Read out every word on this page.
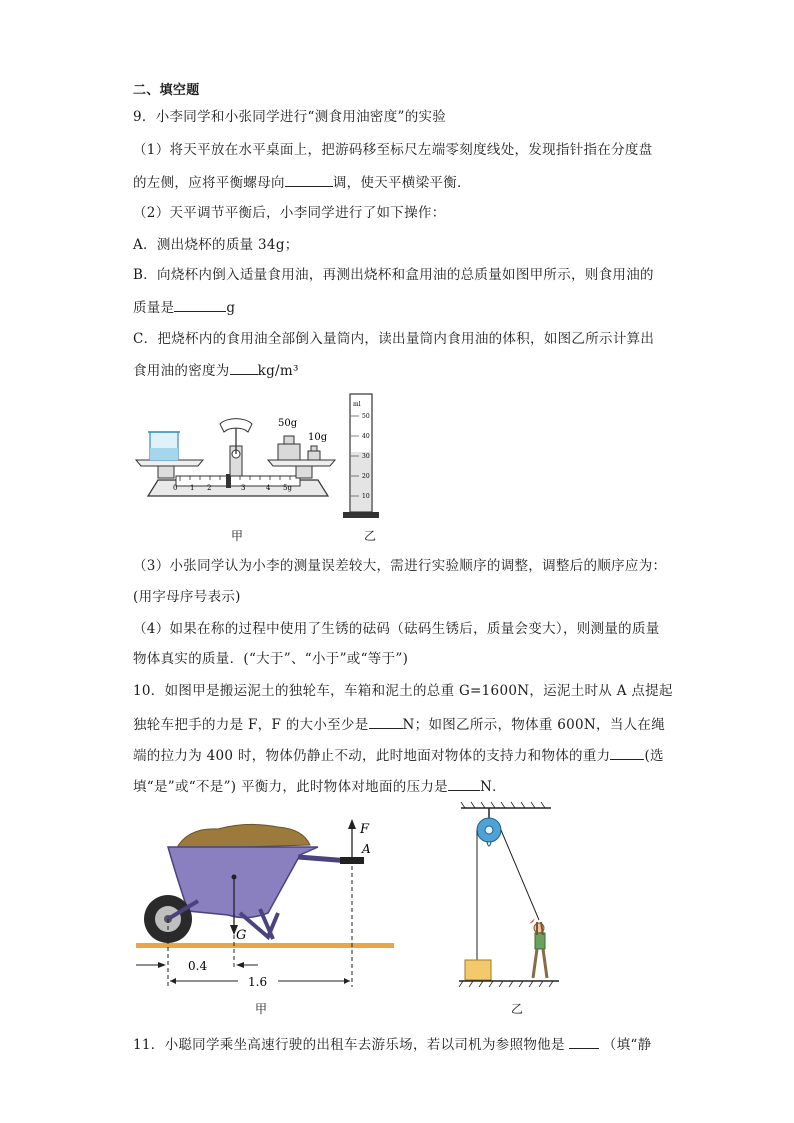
二、填空题
9．小李同学和小张同学进行“测食用油密度”的实验
（1）将天平放在水平桌面上，把游码移至标尺左端零刻度线处，发现指针指在分度盘
的左侧，应将平衡螺母向	调，使天平横梁平衡．
（2）天平调节平衡后，小李同学进行了如下操作：
A．测出烧杯的质量 34g；
B．向烧杯内倒入适量食用油，再测出烧杯和盒用油的总质量如图甲所示，则食用油的
质量是	g
C．把烧杯内的食用油全部倒入量筒内，读出量筒内食用油的体积，如图乙所示计算出
食用油的密度为 kg/m³
0 1 2	3	4 5g
50g
10g
ml
50
40
30
20
10
甲	乙
（3）小张同学认为小李的测量误差较大，需进行实验顺序的调整，调整后的顺序应为：
(用字母序号表示)
（4）如果在称的过程中使用了生锈的砝码（砝码生锈后，质量会变大），则测量的质量
物体真实的质量．(“大于”、“小于”或“等于”)
10．如图甲是搬运泥土的独轮车，车箱和泥土的总重 G=1600N，运泥土时从 A 点提起
独轮车把手的力是 F，F 的大小至少是	N；如图乙所示，物体重 600N，当人在绳
端的拉力为 400 时，物体仍静止不动，此时地面对物体的支持力和物体的重力	(选
填“是”或“不是”) 平衡力，此时物体对地面的压力是 N．
G
F
A
0.4
1.6
甲	乙
11．小聪同学乘坐高速行驶的出租车去游乐场，若以司机为参照物他是	（填“静
